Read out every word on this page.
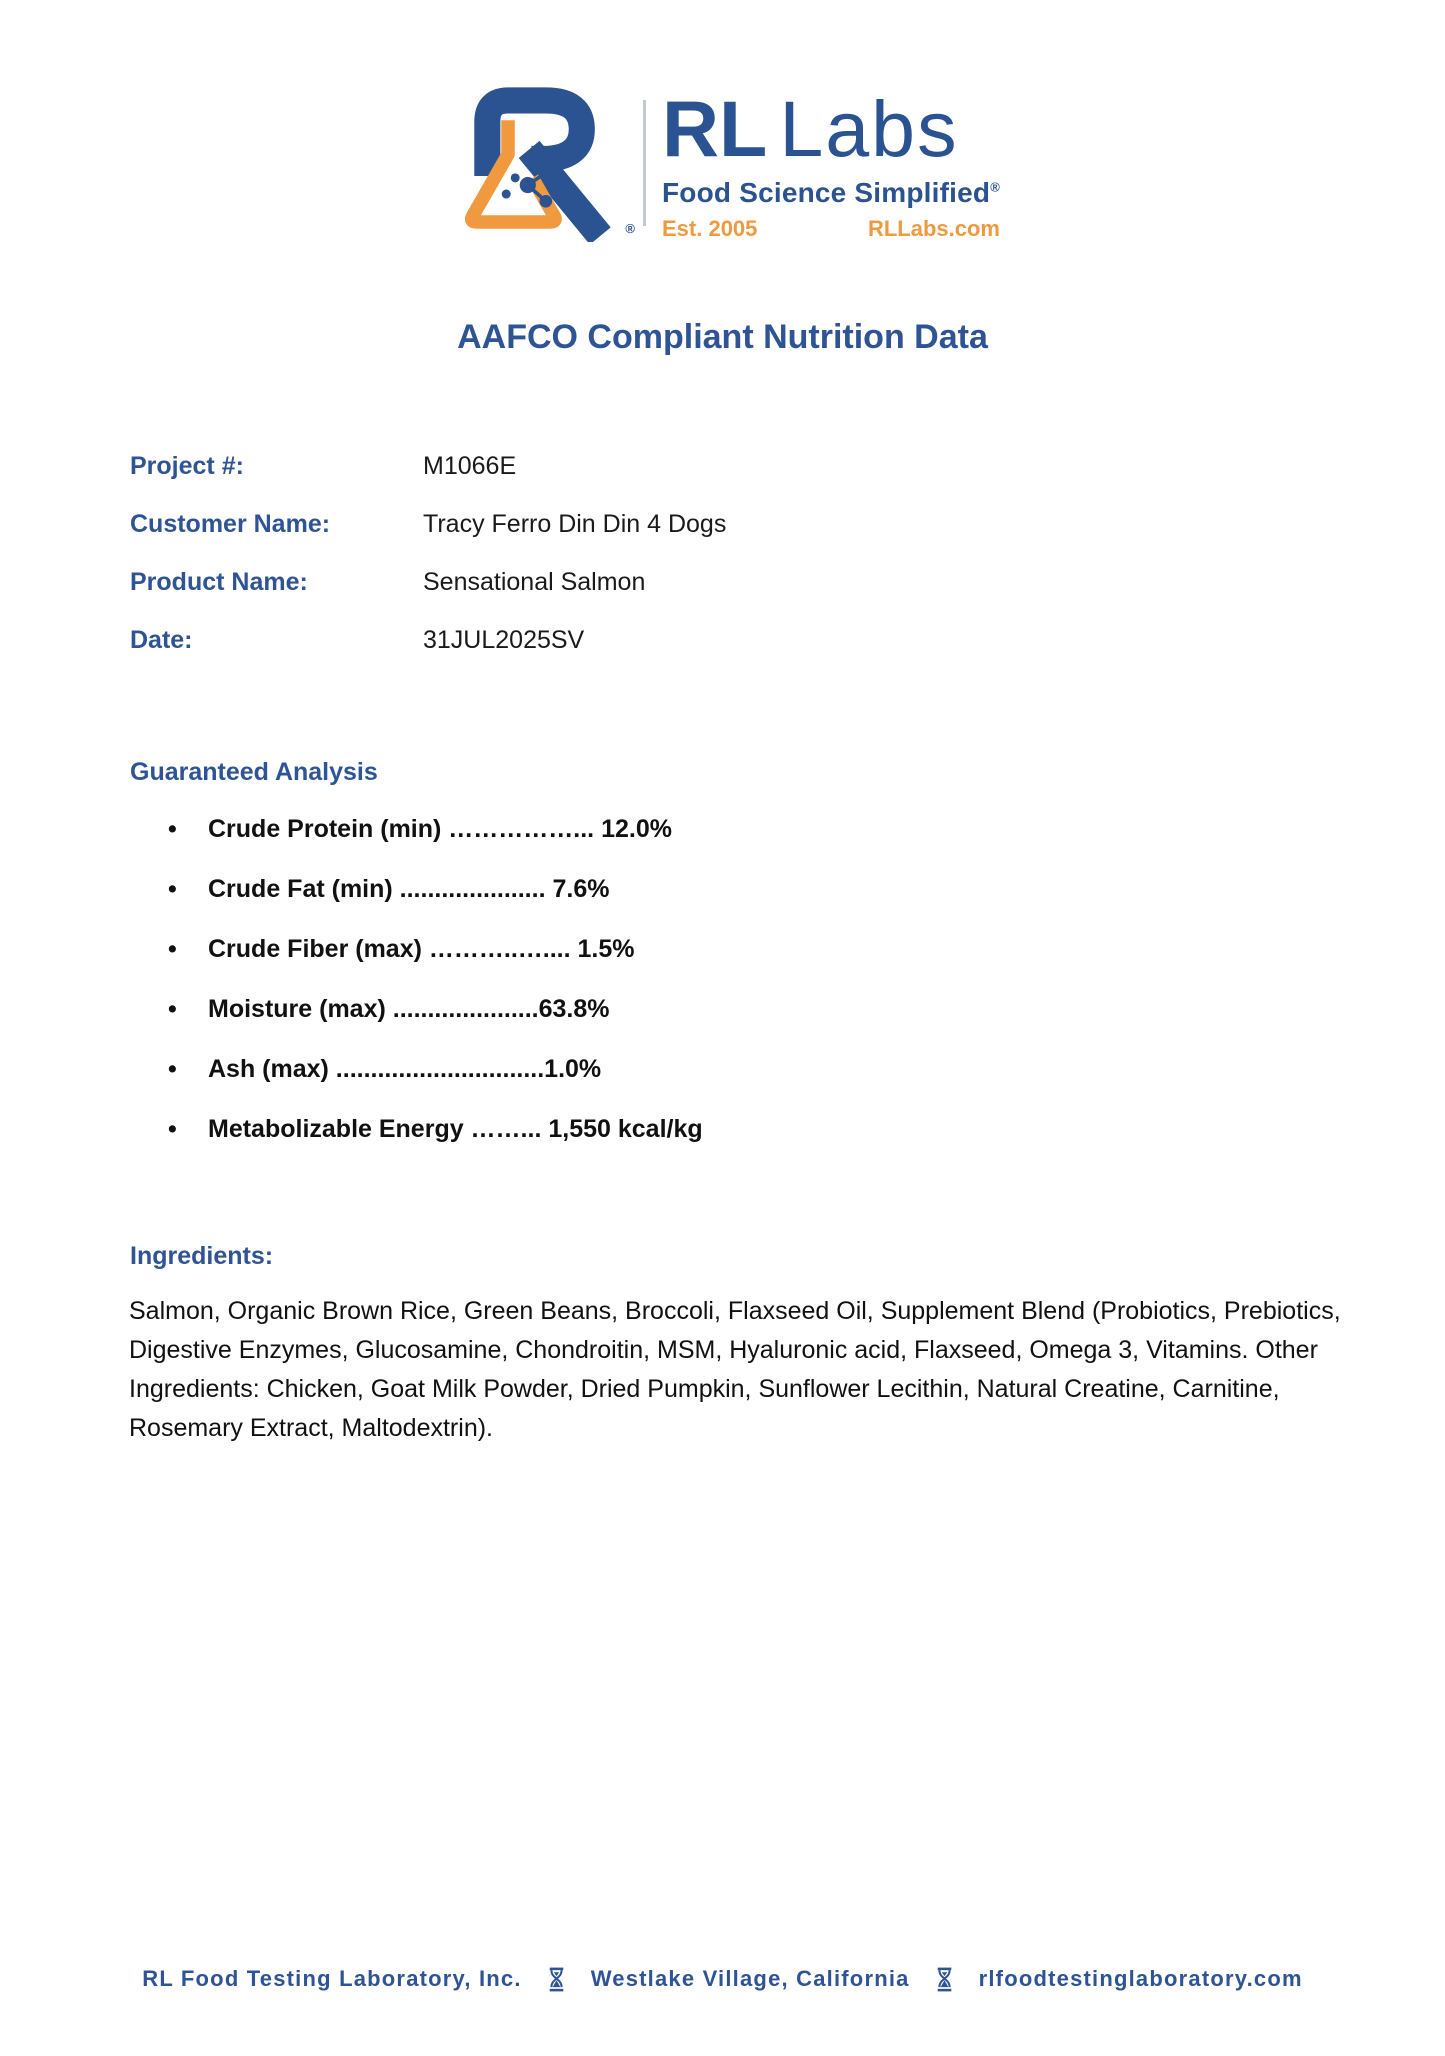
®
RL Labs
Food Science Simplified®
Est. 2005	RLLabs.com
AAFCO Compliant Nutrition Data
Project #:	M1066E
Customer Name:	Tracy Ferro Din Din 4 Dogs
Product Name:	Sensational Salmon
Date:	31JUL2025SV
Guaranteed Analysis
• Crude Protein (min) ……………... 12.0%
• Crude Fat (min) ..................... 7.6%
• Crude Fiber (max) ………..….... 1.5%
• Moisture (max) .....................63.8%
• Ash (max) ..............................1.0%
• Metabolizable Energy ……... 1,550 kcal/kg
Ingredients:

Salmon, Organic Brown Rice, Green Beans, Broccoli, Flaxseed Oil, Supplement Blend (Probiotics, Prebiotics, Digestive Enzymes, Glucosamine, Chondroitin, MSM, Hyaluronic acid, Flaxseed, Omega 3, Vitamins. Other Ingredients: Chicken, Goat Milk Powder, Dried Pumpkin, Sunflower Lecithin, Natural Creatine, Carnitine, Rosemary Extract, Maltodextrin).

RL Food Testing Laboratory, Inc.	Westlake Village, California	rlfoodtestinglaboratory.com
